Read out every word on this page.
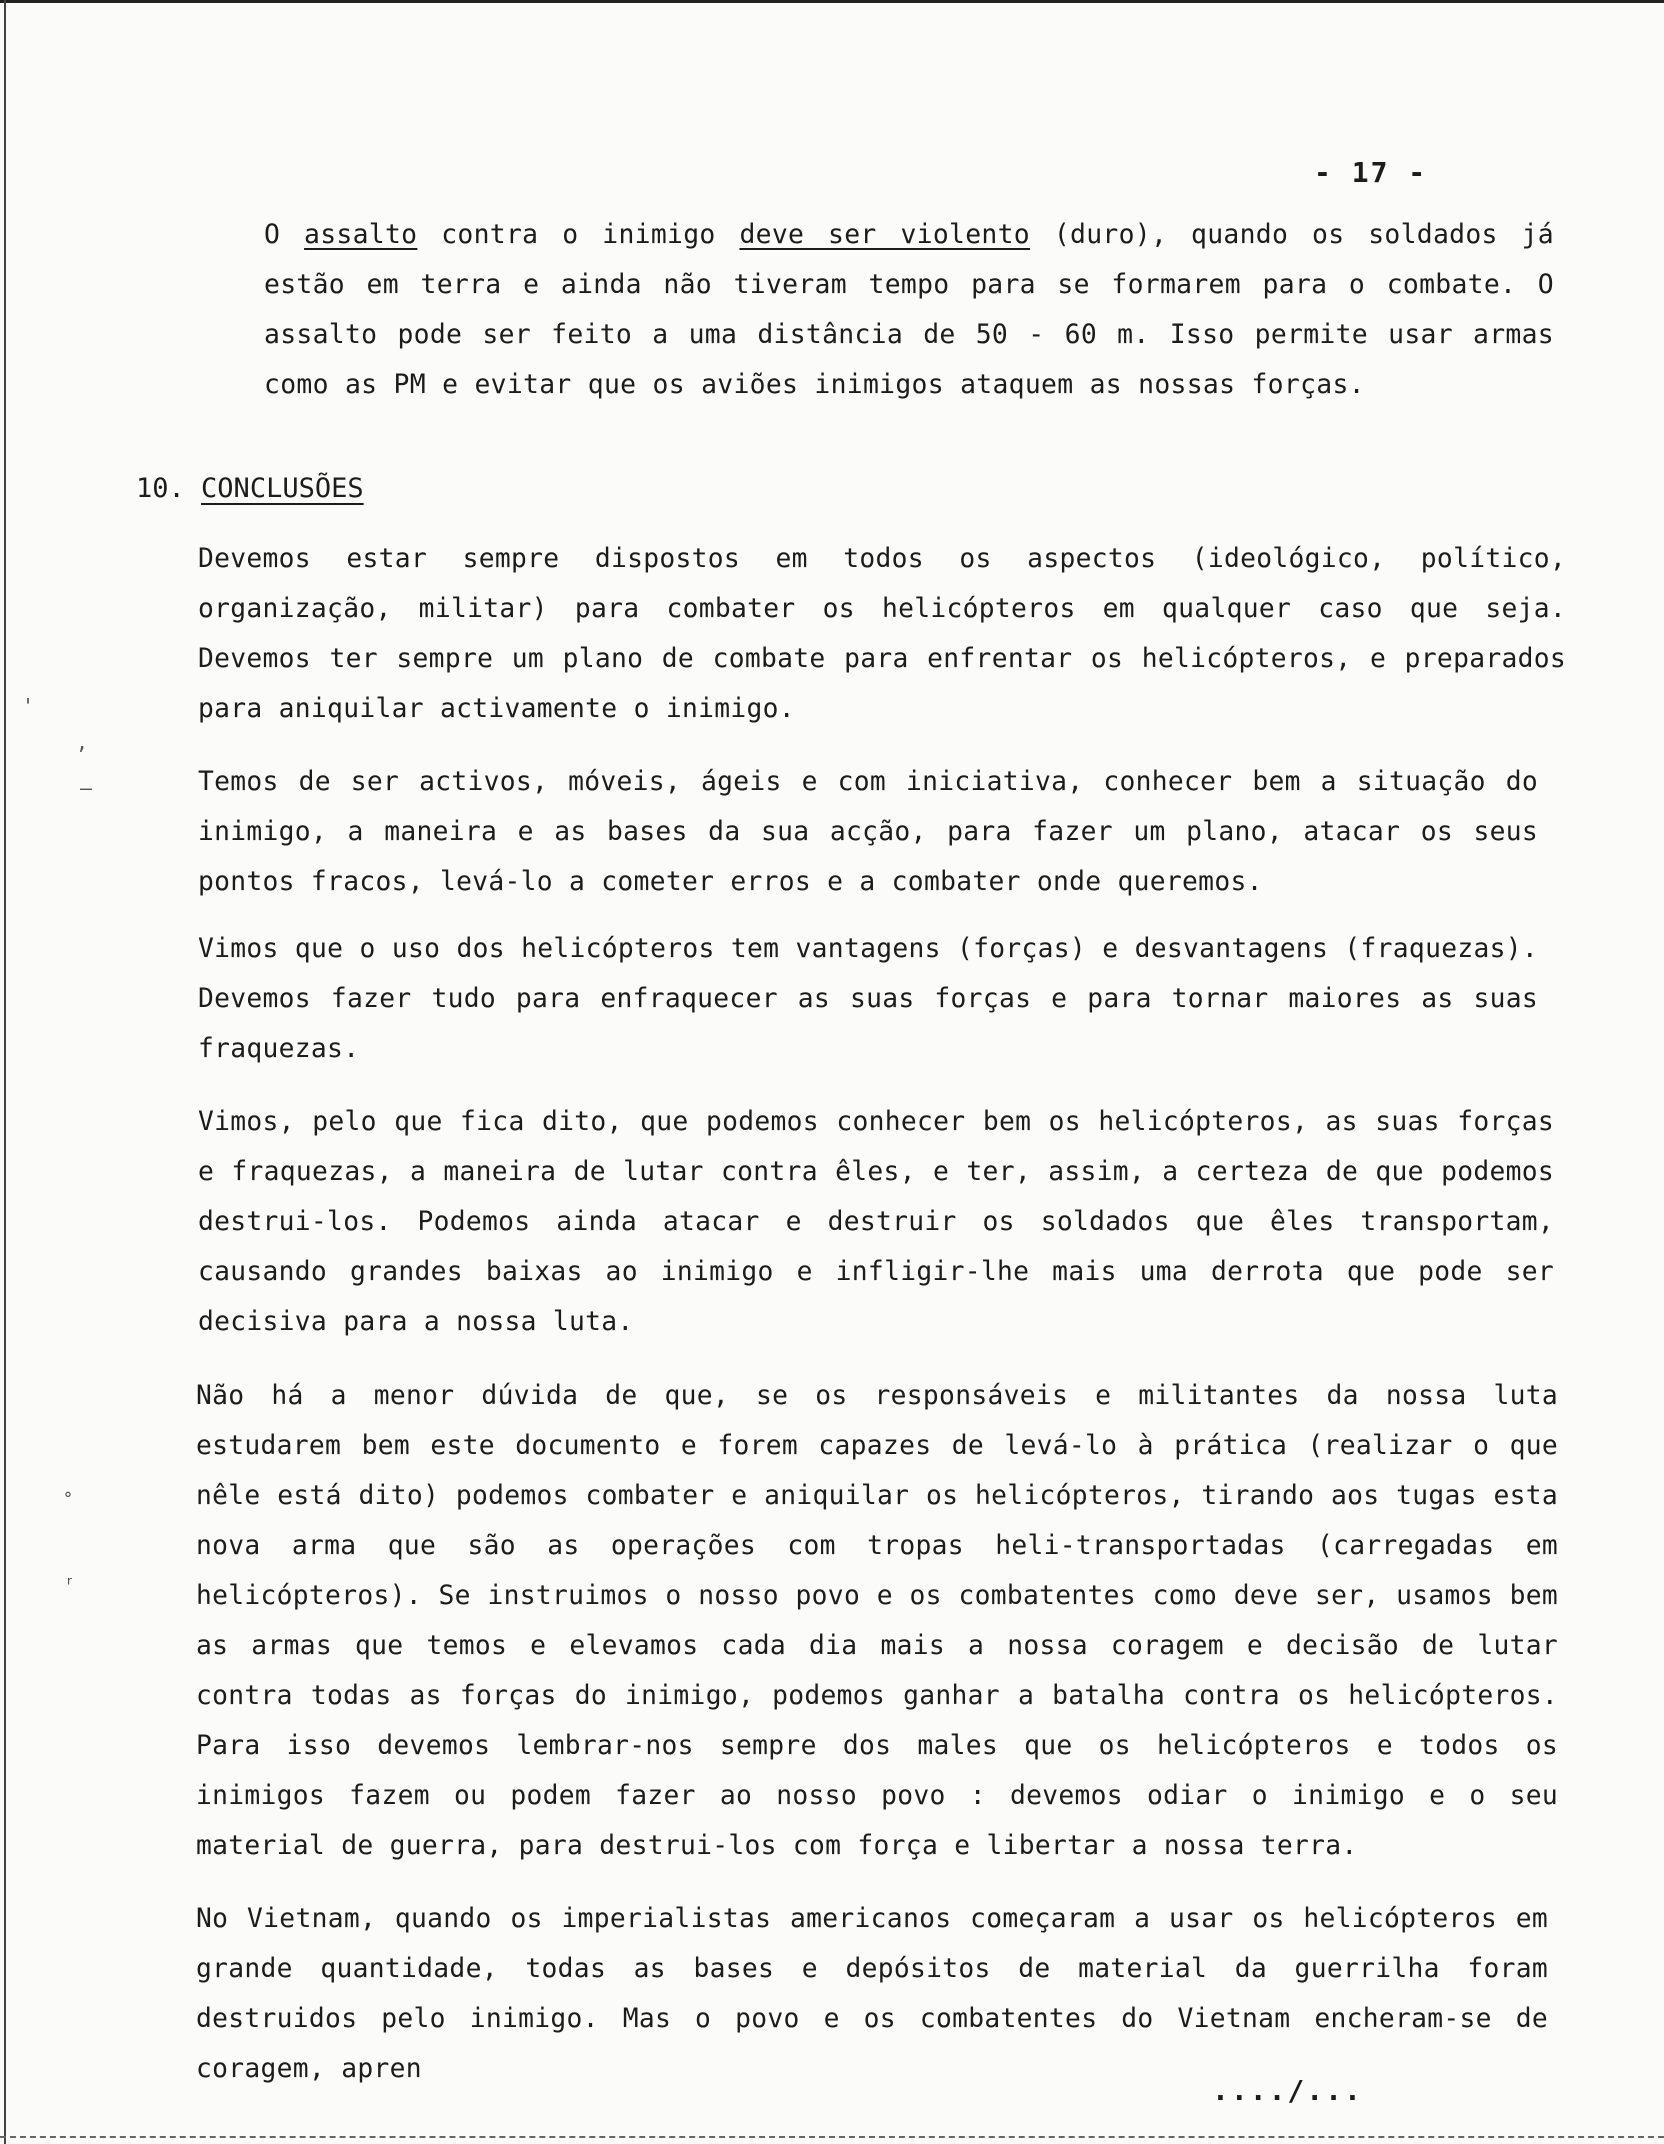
- 17 -

O assalto contra o inimigo deve ser violento (duro), quando os soldados já estão em terra e ainda não tiveram tempo para se formarem para o combate. O assalto pode ser feito a uma distância de 50 - 60 m. Isso permite usar armas como as PM e evitar que os aviões inimigos ataquem as nossas forças.

10. CONCLUSÕES

Devemos estar sempre dispostos em todos os aspectos (ideológico, político, organização, militar) para combater os helicópteros em qualquer caso que seja. Devemos ter sempre um plano de combate para enfrentar os helicópteros, e preparados para aniquilar activamente o inimigo.

Temos de ser activos, móveis, ágeis e com iniciativa, conhecer bem a situação do inimigo, a maneira e as bases da sua acção, para fazer um plano, atacar os seus pontos fracos, levá-lo a cometer erros e a combater onde queremos.

Vimos que o uso dos helicópteros tem vantagens (forças) e desvantagens (fraquezas). Devemos fazer tudo para enfraquecer as suas forças e para tornar maiores as suas fraquezas.

Vimos, pelo que fica dito, que podemos conhecer bem os helicópteros, as suas forças e fraquezas, a maneira de lutar contra êles, e ter, assim, a certeza de que podemos destrui-los. Podemos ainda atacar e destruir os soldados que êles transportam, causando grandes baixas ao inimigo e infligir-lhe mais uma derrota que pode ser decisiva para a nossa luta.

Não há a menor dúvida de que, se os responsáveis e militantes da nossa luta estudarem bem este documento e forem capazes de levá-lo à prática (realizar o que nêle está dito) podemos combater e aniquilar os helicópteros, tirando aos tugas esta nova arma que são as operações com tropas heli-transportadas (carregadas em helicópteros). Se instruimos o nosso povo e os combatentes como deve ser, usamos bem as armas que temos e elevamos cada dia mais a nossa coragem e decisão de lutar contra todas as forças do inimigo, podemos ganhar a batalha contra os helicópteros. Para isso devemos lembrar-nos sempre dos males que os helicópteros e todos os inimigos fazem ou podem fazer ao nosso povo : devemos odiar o inimigo e o seu material de guerra, para destrui-los com força e libertar a nossa terra.

No Vietnam, quando os imperialistas americanos começaram a usar os helicópteros em grande quantidade, todas as bases e depósitos de material da guerrilha foram destruidos pelo inimigo. Mas o povo e os combatentes do Vietnam encheram-se de coragem, apren

..../...
–
,
ᐤ
ʳ
'
